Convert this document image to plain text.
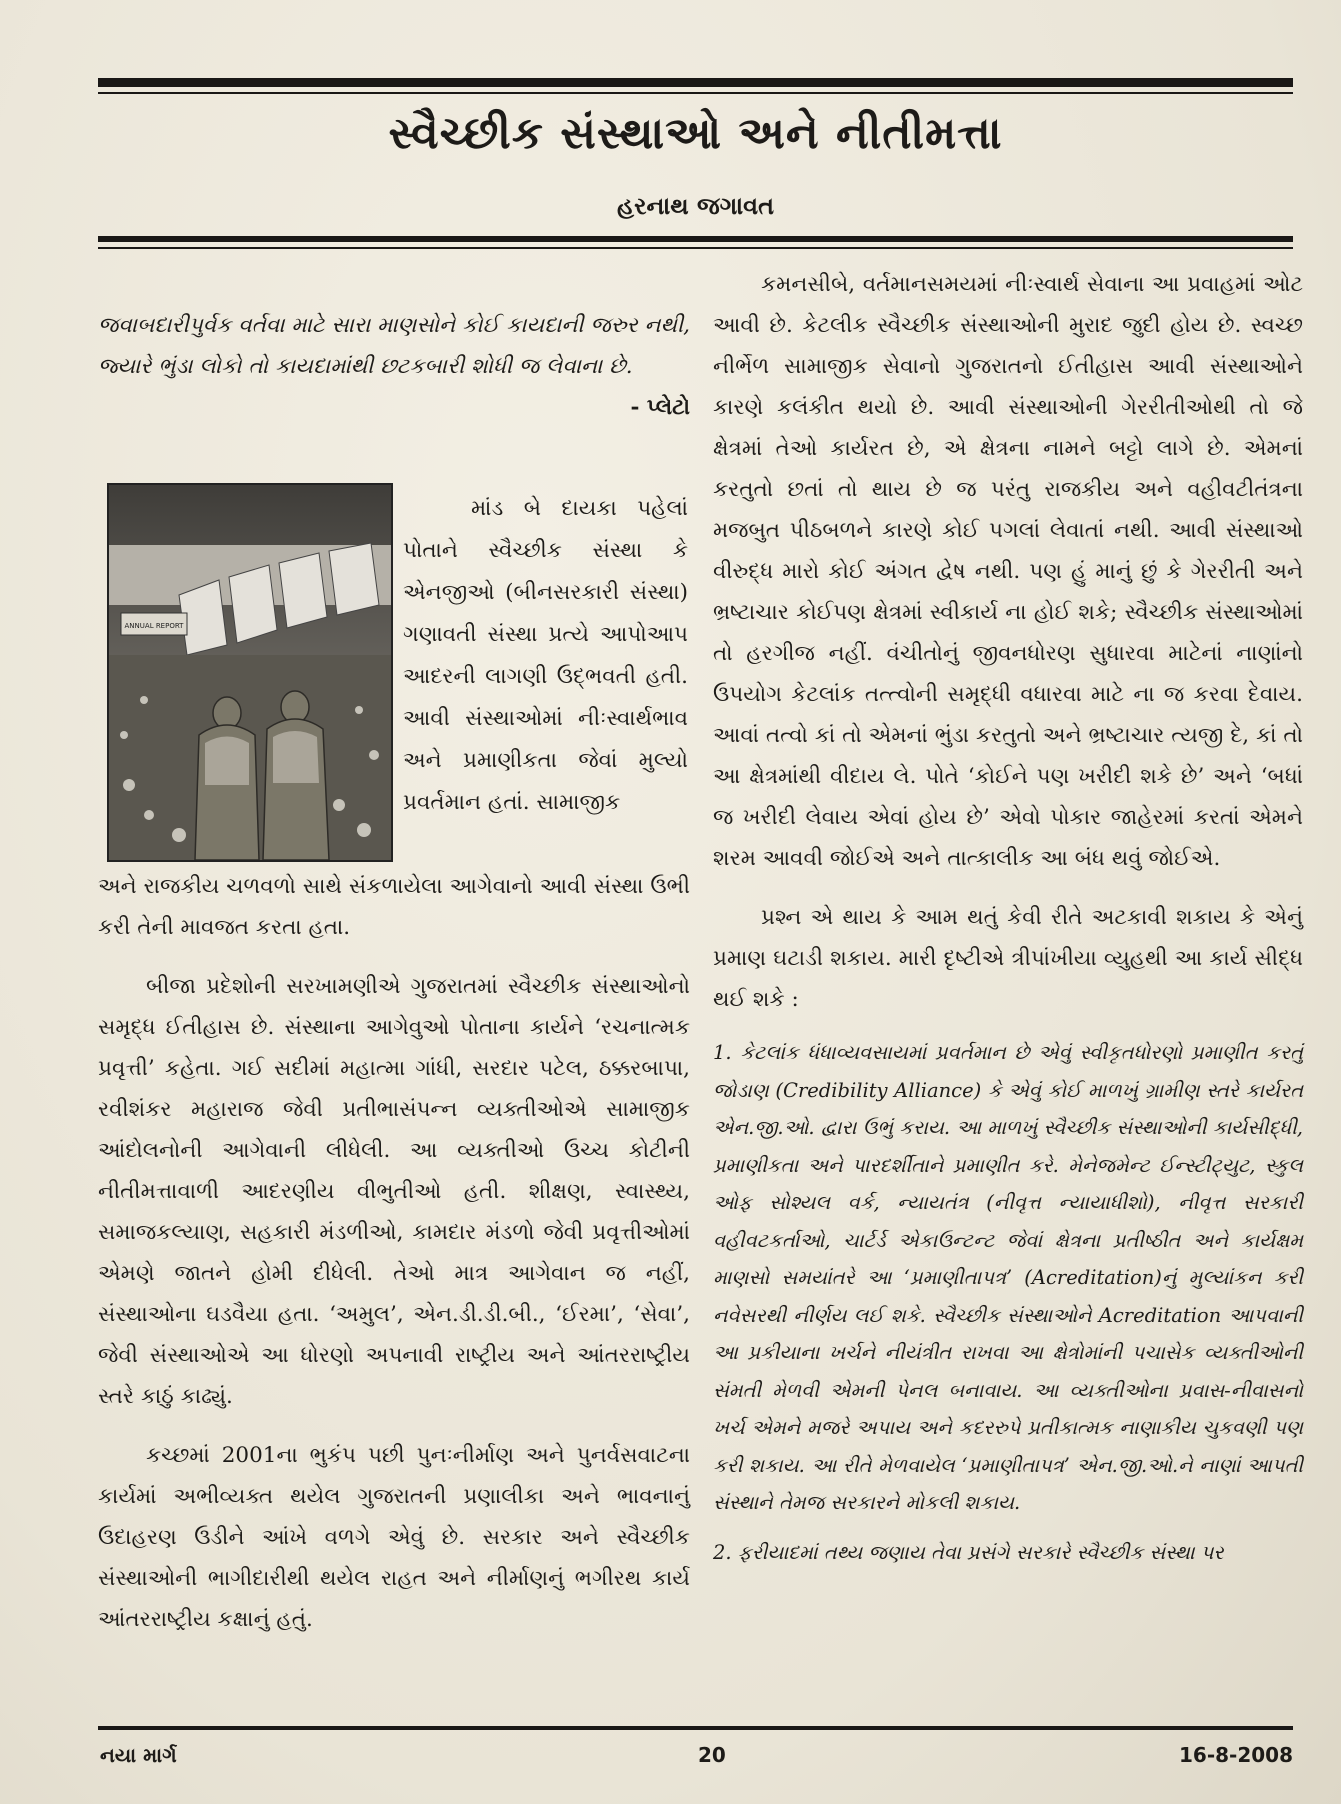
સ્વૈચ્છીક સંસ્થાઓ અને નીતીમત્તા
હરનાથ જગાવત

જવાબદારીપુર્વક વર્તવા માટે સારા માણસોને કોઈ કાયદાની જરુર નથી, જ્યારે ભુંડા લોકો તો કાયદામાંથી છટકબારી શોધી જ લેવાના છે.

- પ્લેટો

ANNUAL REPORT

માંડ બે દાયકા પહેલાં પોતાને સ્વૈચ્છીક સંસ્થા કે એનજીઓ (બીનસરકારી સંસ્થા) ગણાવતી સંસ્થા પ્રત્યે આપોઆપ આદરની લાગણી ઉદ્ભવતી હતી. આવી સંસ્થાઓમાં નીઃસ્વાર્થભાવ અને પ્રમાણીકતા જેવાં મુલ્યો પ્રવર્તમાન હતાં. સામાજીક

અને રાજકીય ચળવળો સાથે સંકળાયેલા આગેવાનો આવી સંસ્થા ઉભી કરી તેની માવજત કરતા હતા.

બીજા પ્રદેશોની સરખામણીએ ગુજરાતમાં સ્વૈચ્છીક સંસ્થાઓનો સમૃદ્ધ ઈતીહાસ છે. સંસ્થાના આગેવુઓ પોતાના કાર્યને ‘રચનાત્મક પ્રવૃત્તી’ કહેતા. ગઈ સદીમાં મહાત્મા ગાંધી, સરદાર પટેલ, ઠક્કરબાપા, રવીશંકર મહારાજ જેવી પ્રતીભાસંપન્ન વ્યક્તીઓએ સામાજીક આંદોલનોની આગેવાની લીધેલી. આ વ્યક્તીઓ ઉચ્ચ કોટીની નીતીમત્તાવાળી આદરણીય વીભુતીઓ હતી. શીક્ષણ, સ્વાસ્થ્ય, સમાજકલ્યાણ, સહકારી મંડળીઓ, કામદાર મંડળો જેવી પ્રવૃત્તીઓમાં એમણે જાતને હોમી દીધેલી. તેઓ માત્ર આગેવાન જ નહીં, સંસ્થાઓના ઘડવૈયા હતા. ‘અમુલ’, એન.ડી.ડી.બી., ‘ઈરમા’, ‘સેવા’, જેવી સંસ્થાઓએ આ ધોરણો અપનાવી રાષ્ટ્રીય અને આંતરરાષ્ટ્રીય સ્તરે કાઠું કાઢ્યું.

કચ્છમાં 2001ના ભુકંપ પછી પુનઃનીર્માણ અને પુનર્વસવાટના કાર્યમાં અભીવ્યક્ત થયેલ ગુજરાતની પ્રણાલીકા અને ભાવનાનું ઉદાહરણ ઉડીને આંખે વળગે એવું છે. સરકાર અને સ્વૈચ્છીક સંસ્થાઓની ભાગીદારીથી થયેલ રાહત અને નીર્માણનું ભગીરથ કાર્ય આંતરરાષ્ટ્રીય કક્ષાનું હતું.

કમનસીબે, વર્તમાનસમયમાં નીઃસ્વાર્થ સેવાના આ પ્રવાહમાં ઓટ આવી છે. કેટલીક સ્વૈચ્છીક સંસ્થાઓની મુરાદ જુદી હોય છે. સ્વચ્છ નીર્ભેળ સામાજીક સેવાનો ગુજરાતનો ઈતીહાસ આવી સંસ્થાઓને કારણે કલંકીત થયો છે. આવી સંસ્થાઓની ગેરરીતીઓથી તો જે ક્ષેત્રમાં તેઓ કાર્યરત છે, એ ક્ષેત્રના નામને બટ્ટો લાગે છે. એમનાં કરતુતો છતાં તો થાય છે જ પરંતુ રાજકીય અને વહીવટીતંત્રના મજબુત પીઠબળને કારણે કોઈ પગલાં લેવાતાં નથી. આવી સંસ્થાઓ વીરુદ્ધ મારો કોઈ અંગત દ્વેષ નથી. પણ હું માનું છું કે ગેરરીતી અને ભ્રષ્ટાચાર કોઈપણ ક્ષેત્રમાં સ્વીકાર્ય ના હોઈ શકે; સ્વૈચ્છીક સંસ્થાઓમાં તો હરગીજ નહીં. વંચીતોનું જીવનધોરણ સુધારવા માટેનાં નાણાંનો ઉપયોગ કેટલાંક તત્ત્વોની સમૃદ્ધી વધારવા માટે ના જ કરવા દેવાય. આવાં તત્વો કાં તો એમનાં ભુંડા કરતુતો અને ભ્રષ્ટાચાર ત્યજી દે, કાં તો આ ક્ષેત્રમાંથી વીદાય લે. પોતે ‘કોઈને પણ ખરીદી શકે છે’ અને ‘બધાં જ ખરીદી લેવાય એવાં હોય છે’ એવો પોકાર જાહેરમાં કરતાં એમને શરમ આવવી જોઈએ અને તાત્કાલીક આ બંધ થવું જોઈએ.

પ્રશ્ન એ થાય કે આમ થતું કેવી રીતે અટકાવી શકાય કે એનું પ્રમાણ ઘટાડી શકાય. મારી દૃષ્ટીએ ત્રીપાંખીયા વ્યુહથી આ કાર્ય સીદ્ધ થઈ શકે :

1. કેટલાંક ધંધાવ્યવસાયમાં પ્રવર્તમાન છે એવું સ્વીકૃતધોરણો પ્રમાણીત કરતું જોડાણ (Credibility Alliance) કે એવું કોઈ માળખું ગ્રામીણ સ્તરે કાર્યરત એન.જી.ઓ. દ્વારા ઉભું કરાય. આ માળખું સ્વૈચ્છીક સંસ્થાઓની કાર્યસીદ્ધી, પ્રમાણીકતા અને પારદર્શીતાને પ્રમાણીત કરે. મેનેજમેન્ટ ઈન્સ્ટીટ્યુટ, સ્કુલ ઓફ સોશ્યલ વર્ક, ન્યાયતંત્ર (નીવૃત્ત ન્યાયાધીશો), નીવૃત્ત સરકારી વહીવટકર્તાઓ, ચાર્ટર્ડ એકાઉન્ટન્ટ જેવાં ક્ષેત્રના પ્રતીષ્ઠીત અને કાર્યક્ષમ માણસો સમયાંતરે આ ‘પ્રમાણીતાપત્ર’ (Acreditation)નું મુલ્યાંકન કરી નવેસરથી નીર્ણય લઈ શકે. સ્વૈચ્છીક સંસ્થાઓને Acreditation આપવાની આ પ્રકીયાના ખર્ચને નીયંત્રીત રાખવા આ ક્ષેત્રોમાંની પચાસેક વ્યક્તીઓની સંમતી મેળવી એમની પેનલ બનાવાય. આ વ્યક્તીઓના પ્રવાસ-નીવાસનો ખર્ચ એમને મજરે અપાય અને કદરરુપે પ્રતીકાત્મક નાણાકીય ચુકવણી પણ કરી શકાય. આ રીતે મેળવાયેલ ‘પ્રમાણીતાપત્ર’ એન.જી.ઓ.ને નાણાં આપતી સંસ્થાને તેમજ સરકારને મોકલી શકાય.

2. ફરીયાદમાં તથ્ય જણાય તેવા પ્રસંગે સરકારે સ્વૈચ્છીક સંસ્થા પર

નયા માર્ગ	20	16-8-2008
